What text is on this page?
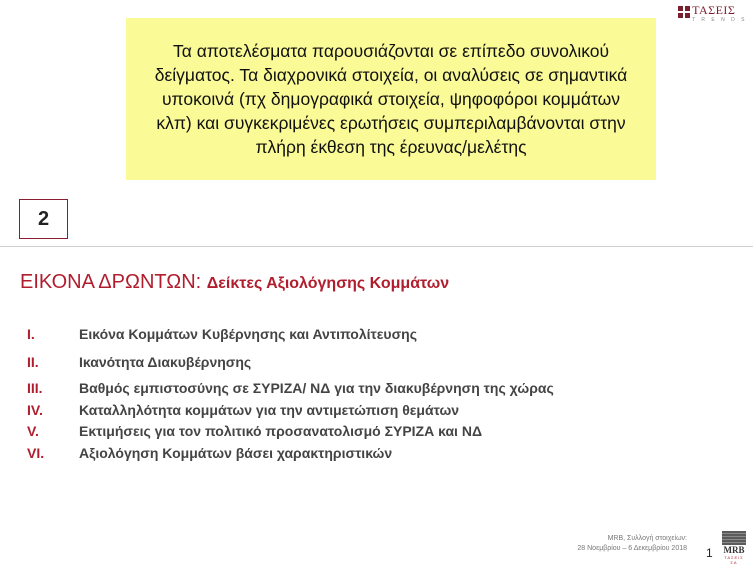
ΤΑΣΕΙΣ
T R E N D S
Τα αποτελέσματα παρουσιάζονται σε επίπεδο συνολικού δείγματος. Τα διαχρονικά στοιχεία, οι αναλύσεις σε σημαντικά υποκοινά (πχ δημογραφικά στοιχεία, ψηφοφόροι κομμάτων κλπ) και συγκεκριμένες ερωτήσεις συμπεριλαμβάνονται στην πλήρη έκθεση της έρευνας/μελέτης
2
ΕΙΚΟΝΑ ΔΡΩΝΤΩΝ: Δείκτες Αξιολόγησης Κομμάτων
I.	Εικόνα Κομμάτων Κυβέρνησης και Αντιπολίτευσης
II.	Ικανότητα Διακυβέρνησης
III.	Βαθμός εμπιστοσύνης σε ΣΥΡΙΖΑ/ ΝΔ για την διακυβέρνηση της χώρας
IV.	Καταλληλότητα κομμάτων για την αντιμετώπιση θεμάτων
V.	Εκτιμήσεις για τον πολιτικό προσανατολισμό ΣΥΡΙΖΑ και ΝΔ
VI.	Αξιολόγηση Κομμάτων βάσει χαρακτηριστικών
MRB, Συλλογή στοιχείων:
28 Νοεμβρίου – 6 Δεκεμβρίου 2018 1 MRB
ΤΑΣΕΙΣ ΣΑ
